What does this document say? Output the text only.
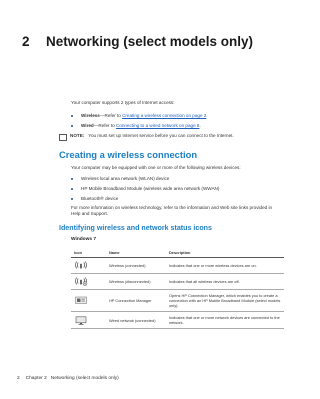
2 Networking (select models only)
Your computer supports 2 types of Internet access:
Wireless—Refer to Creating a wireless connection on page 2.
Wired—Refer to Connecting to a wired network on page 8.
NOTE: You must set up Internet service before you can connect to the Internet.
Creating a wireless connection
Your computer may be equipped with one or more of the following wireless devices:
Wireless local area network (WLAN) device
HP Mobile Broadband Module (wireless wide area network (WWAN)
Bluetooth® device
For more information on wireless technology, refer to the information and Web site links provided in Help and Support.
Identifying wireless and network status icons
Windows 7
Icon	Name	Description

	Wireless (connected)	Indicates that one or more wireless devices are on.

	Wireless (disconnected)	Indicates that all wireless devices are off.

	HP Connection Manager	Opens HP Connection Manager, which enables you to create a connection with an HP Mobile Broadband Module (select models only).

	Wired network (connected)	Indicates that one or more network devices are connected to the network.
2 Chapter 2   Networking (select models only)
